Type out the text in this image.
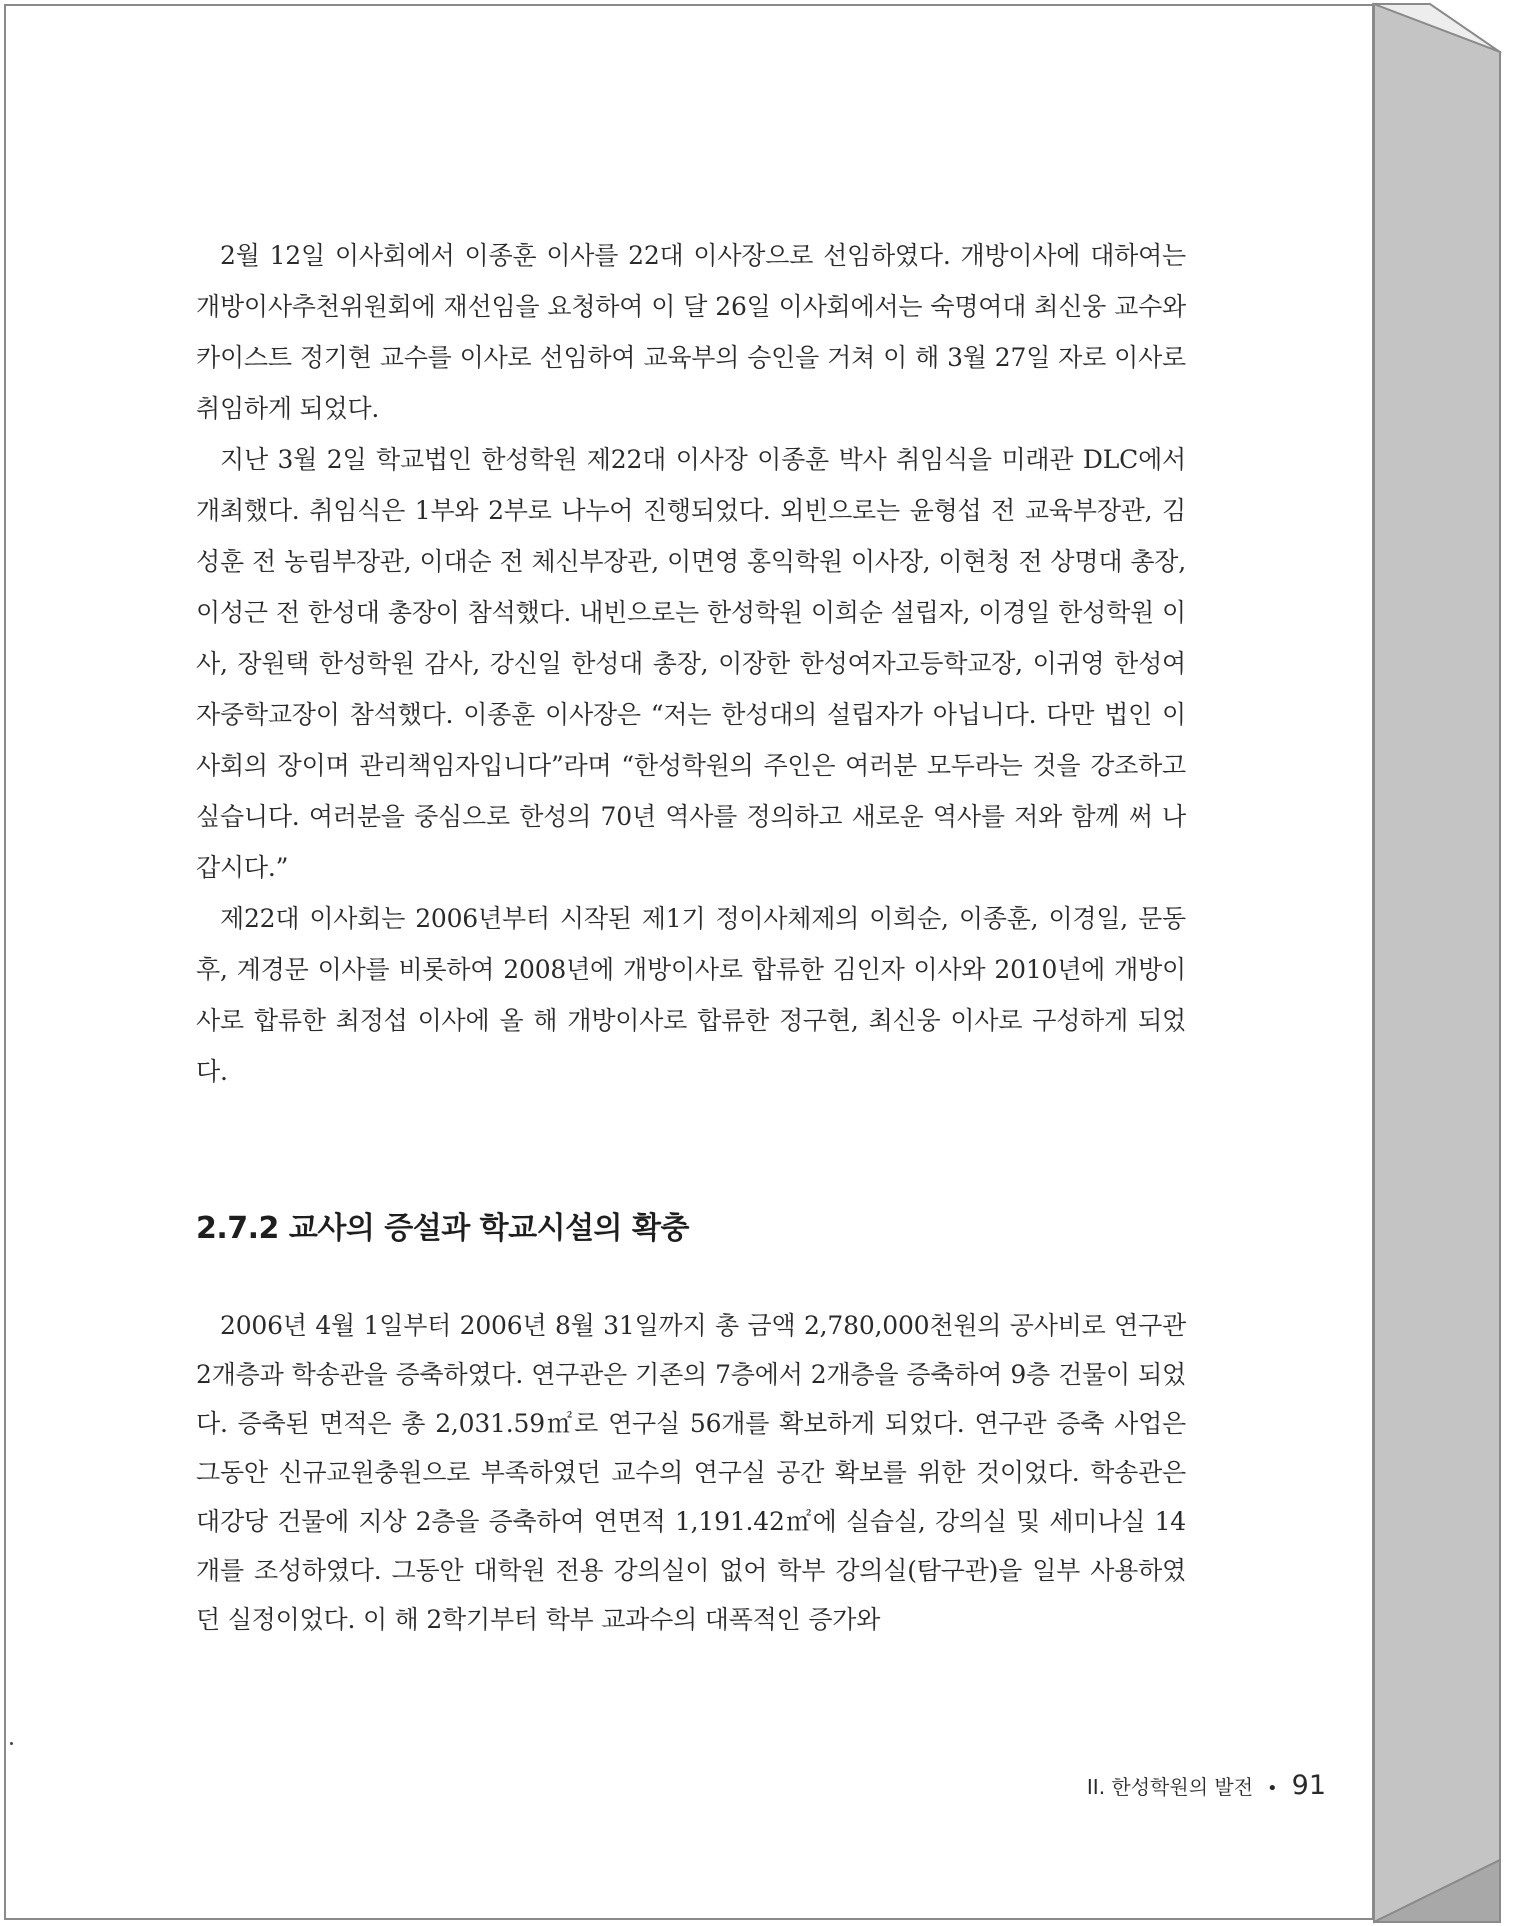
2월 12일 이사회에서 이종훈 이사를 22대 이사장으로 선임하였다. 개방이사에 대하여는 개방이사추천위원회에 재선임을 요청하여 이 달 26일 이사회에서는 숙명여대 최신웅 교수와 카이스트 정기현 교수를 이사로 선임하여 교육부의 승인을 거쳐 이 해 3월 27일 자로 이사로 취임하게 되었다.

지난 3월 2일 학교법인 한성학원 제22대 이사장 이종훈 박사 취임식을 미래관 DLC에서 개최했다. 취임식은 1부와 2부로 나누어 진행되었다. 외빈으로는 윤형섭 전 교육부장관, 김성훈 전 농림부장관, 이대순 전 체신부장관, 이면영 홍익학원 이사장, 이현청 전 상명대 총장, 이성근 전 한성대 총장이 참석했다. 내빈으로는 한성학원 이희순 설립자, 이경일 한성학원 이사, 장원택 한성학원 감사, 강신일 한성대 총장, 이장한 한성여자고등학교장, 이귀영 한성여자중학교장이 참석했다. 이종훈 이사장은 “저는 한성대의 설립자가 아닙니다. 다만 법인 이사회의 장이며 관리책임자입니다”라며 “한성학원의 주인은 여러분 모두라는 것을 강조하고 싶습니다. 여러분을 중심으로 한성의 70년 역사를 정의하고 새로운 역사를 저와 함께 써 나갑시다.”

제22대 이사회는 2006년부터 시작된 제1기 정이사체제의 이희순, 이종훈, 이경일, 문동후, 계경문 이사를 비롯하여 2008년에 개방이사로 합류한 김인자 이사와 2010년에 개방이사로 합류한 최정섭 이사에 올 해 개방이사로 합류한 정구현, 최신웅 이사로 구성하게 되었다.

2.7.2 교사의 증설과 학교시설의 확충

2006년 4월 1일부터 2006년 8월 31일까지 총 금액 2,780,000천원의 공사비로 연구관 2개층과 학송관을 증축하였다. 연구관은 기존의 7층에서 2개층을 증축하여 9층 건물이 되었다. 증축된 면적은 총 2,031.59㎡로 연구실 56개를 확보하게 되었다. 연구관 증축 사업은 그동안 신규교원충원으로 부족하였던 교수의 연구실 공간 확보를 위한 것이었다. 학송관은 대강당 건물에 지상 2층을 증축하여 연면적 1,191.42㎡에 실습실, 강의실 및 세미나실 14개를 조성하였다. 그동안 대학원 전용 강의실이 없어 학부 강의실(탐구관)을 일부 사용하였던 실정이었다. 이 해 2학기부터 학부 교과수의 대폭적인 증가와

II. 한성학원의 발전 • 91
